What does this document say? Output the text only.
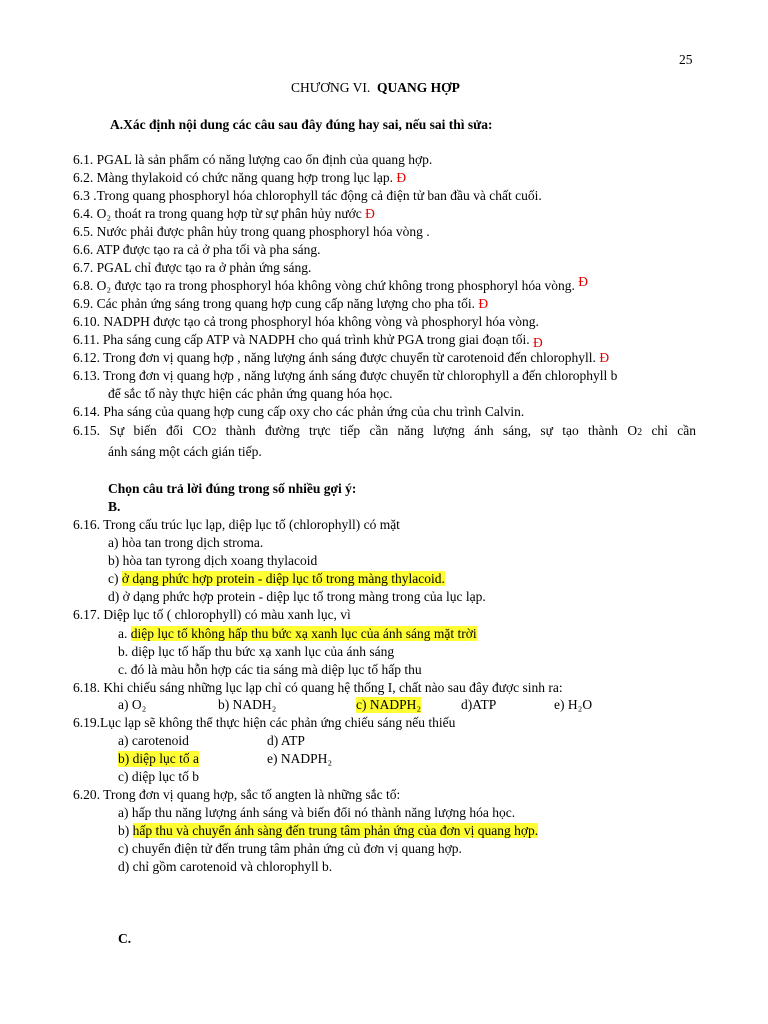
25
CHƯƠNG VI. QUANG HỢP
A.Xác định nội dung các câu sau đây đúng hay sai, nếu sai thì sửa:
6.1. PGAL là sản phẩm có năng lượng cao ổn định của quang hợp.
6.2. Màng thylakoid có chức năng quang hợp trong lục lạp. Đ
6.3 .Trong quang phosphoryl hóa chlorophyll tác động cả điện tử ban đầu và chất cuối.
6.4. O₂ thoát ra trong quang hợp từ sự phân hủy nước Đ
6.5. Nước phải được phân hủy trong quang phosphoryl hóa vòng .
6.6. ATP được tạo ra cả ở pha tối và pha sáng.
6.7. PGAL chỉ được tạo ra ở phản ứng sáng.
6.8. O₂ được tạo ra trong phosphoryl hóa không vòng chứ không trong phosphoryl hóa vòng. Đ
6.9. Các phản ứng sáng trong quang hợp cung cấp năng lượng cho pha tối. Đ
6.10. NADPH được tạo cả trong phosphoryl hóa không vòng và phosphoryl hóa vòng.
6.11. Pha sáng cung cấp ATP và NADPH cho quá trình khử PGA trong giai đoạn tối. Đ
6.12. Trong đơn vị quang hợp , năng lượng ánh sáng được chuyển từ carotenoid đến chlorophyll. Đ
6.13. Trong đơn vị quang hợp , năng lượng ánh sáng được chuyển từ chlorophyll a đến chlorophyll b
để sắc tố này thực hiện các phản ứng quang hóa học.
6.14. Pha sáng của quang hợp cung cấp oxy cho các phản ứng của chu trình Calvin.
6.15. Sự biến đổi CO2 thành đường trực tiếp cần năng lượng ánh sáng, sự tạo thành O2 chỉ cần
ánh sáng một cách gián tiếp.
Chọn câu trả lời đúng trong số nhiều gợi ý:
B.
6.16. Trong cấu trúc lục lạp, diệp lục tố (chlorophyll) có mặt
a) hòa tan trong dịch stroma.
b) hòa tan tyrong dịch xoang thylacoid
c) ở dạng phức hợp protein - diệp lục tố trong màng thylacoid.
d) ở dạng phức hợp protein - diệp lục tố trong màng trong của lục lạp.
6.17. Diệp lục tố ( chlorophyll) có màu xanh lục, vì
a. diệp lục tố không hấp thu bức xạ xanh lục của ánh sáng mặt trời
b. diệp lục tố hấp thu bức xạ xanh lục của ánh sáng
c. đó là màu hỗn hợp các tia sáng mà diệp lục tố hấp thu
6.18. Khi chiếu sáng những lục lạp chỉ có quang hệ thống I, chất nào sau đây được sinh ra:
a) O₂	b) NADH₂	c) NADPH₂	d)ATP	e) H₂O
6.19.Lục lạp sẽ không thể thực hiện các phản ứng chiếu sáng nếu thiếu
a) carotenoid	d) ATP
b) diệp lục tố a	e) NADPH₂
c) diệp lục tố b
6.20. Trong đơn vị quang hợp, sắc tố angten là những sắc tố:
a) hấp thu năng lượng ánh sáng và biến đổi nó thành năng lượng hóa học.
b) hấp thu và chuyển ánh sàng đến trung tâm phản ứng của đơn vị quang hợp.
c) chuyển điện tử đến trung tâm phản ứng củ đơn vị quang hợp.
d) chỉ gồm carotenoid và chlorophyll b.
C.
